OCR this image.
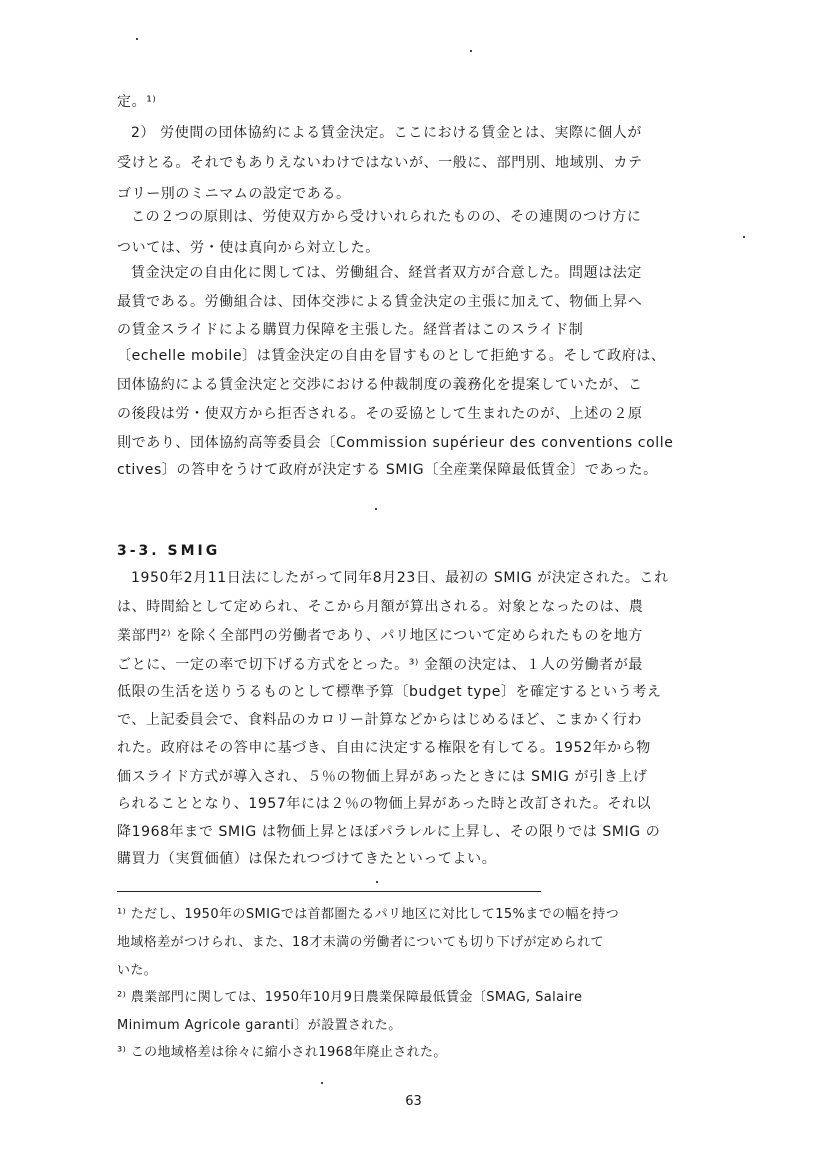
定。¹⁾
2） 労使間の団体協約による賃金決定。ここにおける賃金とは、実際に個人が
受けとる。それでもありえないわけではないが、一般に、部門別、地域別、カテ
ゴリー別のミニマムの設定である。
この２つの原則は、労使双方から受けいれられたものの、その連関のつけ方に
ついては、労・使は真向から対立した。
賃金決定の自由化に関しては、労働組合、経営者双方が合意した。問題は法定
最賃である。労働組合は、団体交渉による賃金決定の主張に加えて、物価上昇へ
の賃金スライドによる購買力保障を主張した。経営者はこのスライド制
〔echelle mobile〕は賃金決定の自由を冒すものとして拒絶する。そして政府は、
団体協約による賃金決定と交渉における仲裁制度の義務化を提案していたが、こ
の後段は労・使双方から拒否される。その妥協として生まれたのが、上述の２原
則であり、団体協約高等委員会〔Commission supérieur des conventions colle
ctives〕の答申をうけて政府が決定する SMIG〔全産業保障最低賃金〕であった。
3-3. SMIG
1950年2月11日法にしたがって同年8月23日、最初の SMIG が決定された。これ
は、時間給として定められ、そこから月額が算出される。対象となったのは、農
業部門²⁾ を除く全部門の労働者であり、パリ地区について定められたものを地方
ごとに、一定の率で切下げる方式をとった。³⁾ 金額の決定は、１人の労働者が最
低限の生活を送りうるものとして標準予算〔budget type〕を確定するという考え
で、上記委員会で、食料品のカロリー計算などからはじめるほど、こまかく行わ
れた。政府はその答申に基づき、自由に決定する権限を有してる。1952年から物
価スライド方式が導入され、５％の物価上昇があったときには SMIG が引き上げ
られることとなり、1957年には２％の物価上昇があった時と改訂された。それ以
降1968年まで SMIG は物価上昇とほぼパラレルに上昇し、その限りでは SMIG の
購買力（実質価値）は保たれつづけてきたといってよい。
¹⁾ ただし、1950年のSMIGでは首都圏たるパリ地区に対比して15%までの幅を持つ
地域格差がつけられ、また、18才未満の労働者についても切り下げが定められて
いた。
²⁾ 農業部門に関しては、1950年10月9日農業保障最低賃金〔SMAG, Salaire
Minimum Agricole garanti〕が設置された。
³⁾ この地域格差は徐々に縮小され1968年廃止された。
63
